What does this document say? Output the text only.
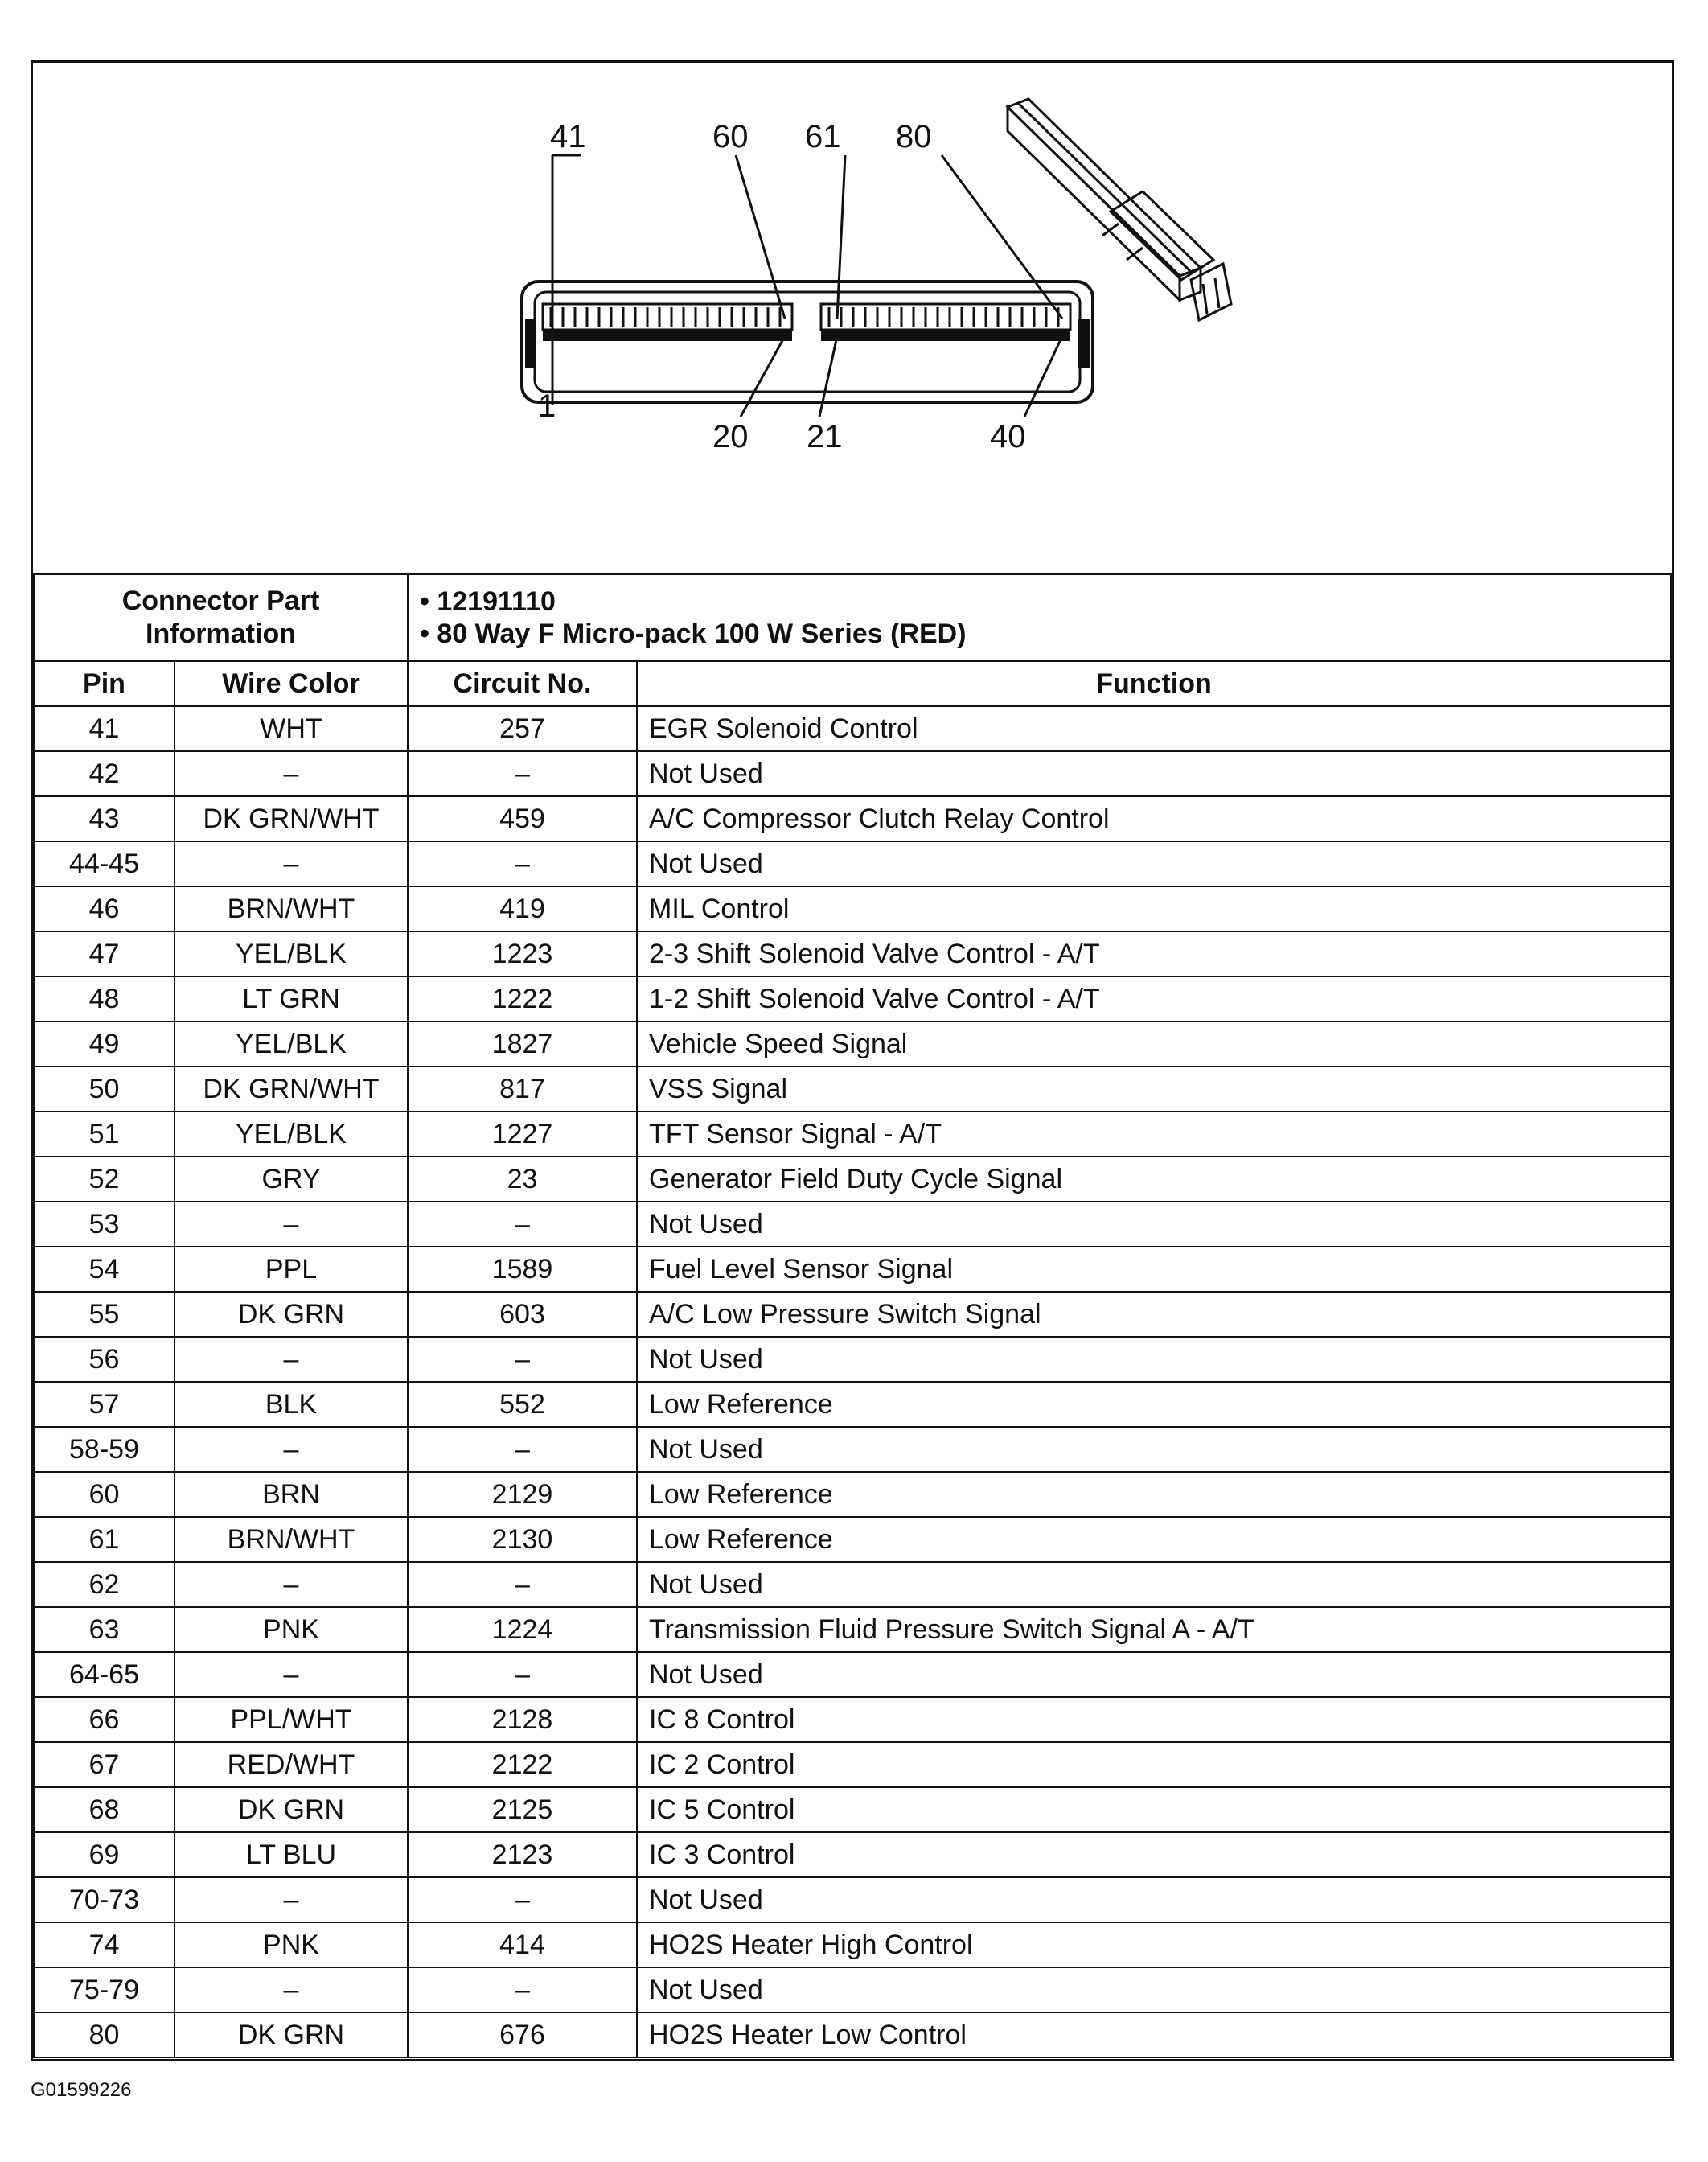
41	60 61 80
1
20 21	40
Connector Part Information		• 12191110
• 80 Way F Micro-pack 100 W Series (RED)	

Pin	Wire Color	Circuit No.	Function
41	WHT	257	EGR Solenoid Control
42	–	–	Not Used
43	DK GRN/WHT	459	A/C Compressor Clutch Relay Control
44-45	–	–	Not Used
46	BRN/WHT	419	MIL Control
47	YEL/BLK	1223	2-3 Shift Solenoid Valve Control - A/T
48	LT GRN	1222	1-2 Shift Solenoid Valve Control - A/T
49	YEL/BLK	1827	Vehicle Speed Signal
50	DK GRN/WHT	817	VSS Signal
51	YEL/BLK	1227	TFT Sensor Signal - A/T
52	GRY	23	Generator Field Duty Cycle Signal
53	–	–	Not Used
54	PPL	1589	Fuel Level Sensor Signal
55	DK GRN	603	A/C Low Pressure Switch Signal
56	–	–	Not Used
57	BLK	552	Low Reference
58-59	–	–	Not Used
60	BRN	2129	Low Reference
61	BRN/WHT	2130	Low Reference
62	–	–	Not Used
63	PNK	1224	Transmission Fluid Pressure Switch Signal A - A/T
64-65	–	–	Not Used
66	PPL/WHT	2128	IC 8 Control
67	RED/WHT	2122	IC 2 Control
68	DK GRN	2125	IC 5 Control
69	LT BLU	2123	IC 3 Control
70-73	–	–	Not Used
74	PNK	414	HO2S Heater High Control
75-79	–	–	Not Used
80	DK GRN	676	HO2S Heater Low Control
G01599226
